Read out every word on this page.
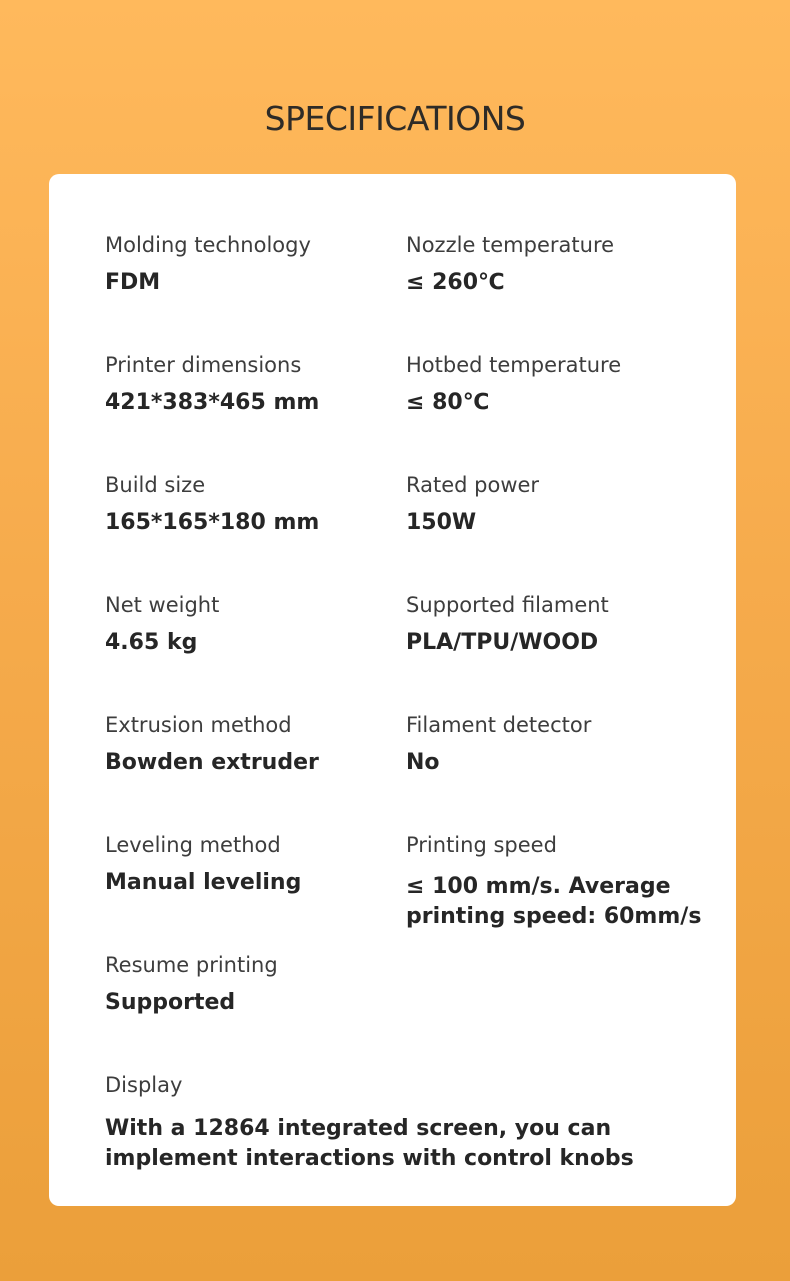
SPECIFICATIONS
Molding technology
FDM
Nozzle temperature
≤ 260℃
Printer dimensions
421*383*465 mm
Hotbed temperature
≤ 80℃
Build size
165*165*180 mm
Rated power
150W
Net weight
4.65 kg
Supported filament
PLA/TPU/WOOD
Extrusion method
Bowden extruder
Filament detector
No
Leveling method
Manual leveling
Printing speed
≤ 100 mm/s. Average printing speed: 60mm/s
Resume printing
Supported
Display
With a 12864 integrated screen, you can implement interactions with control knobs
